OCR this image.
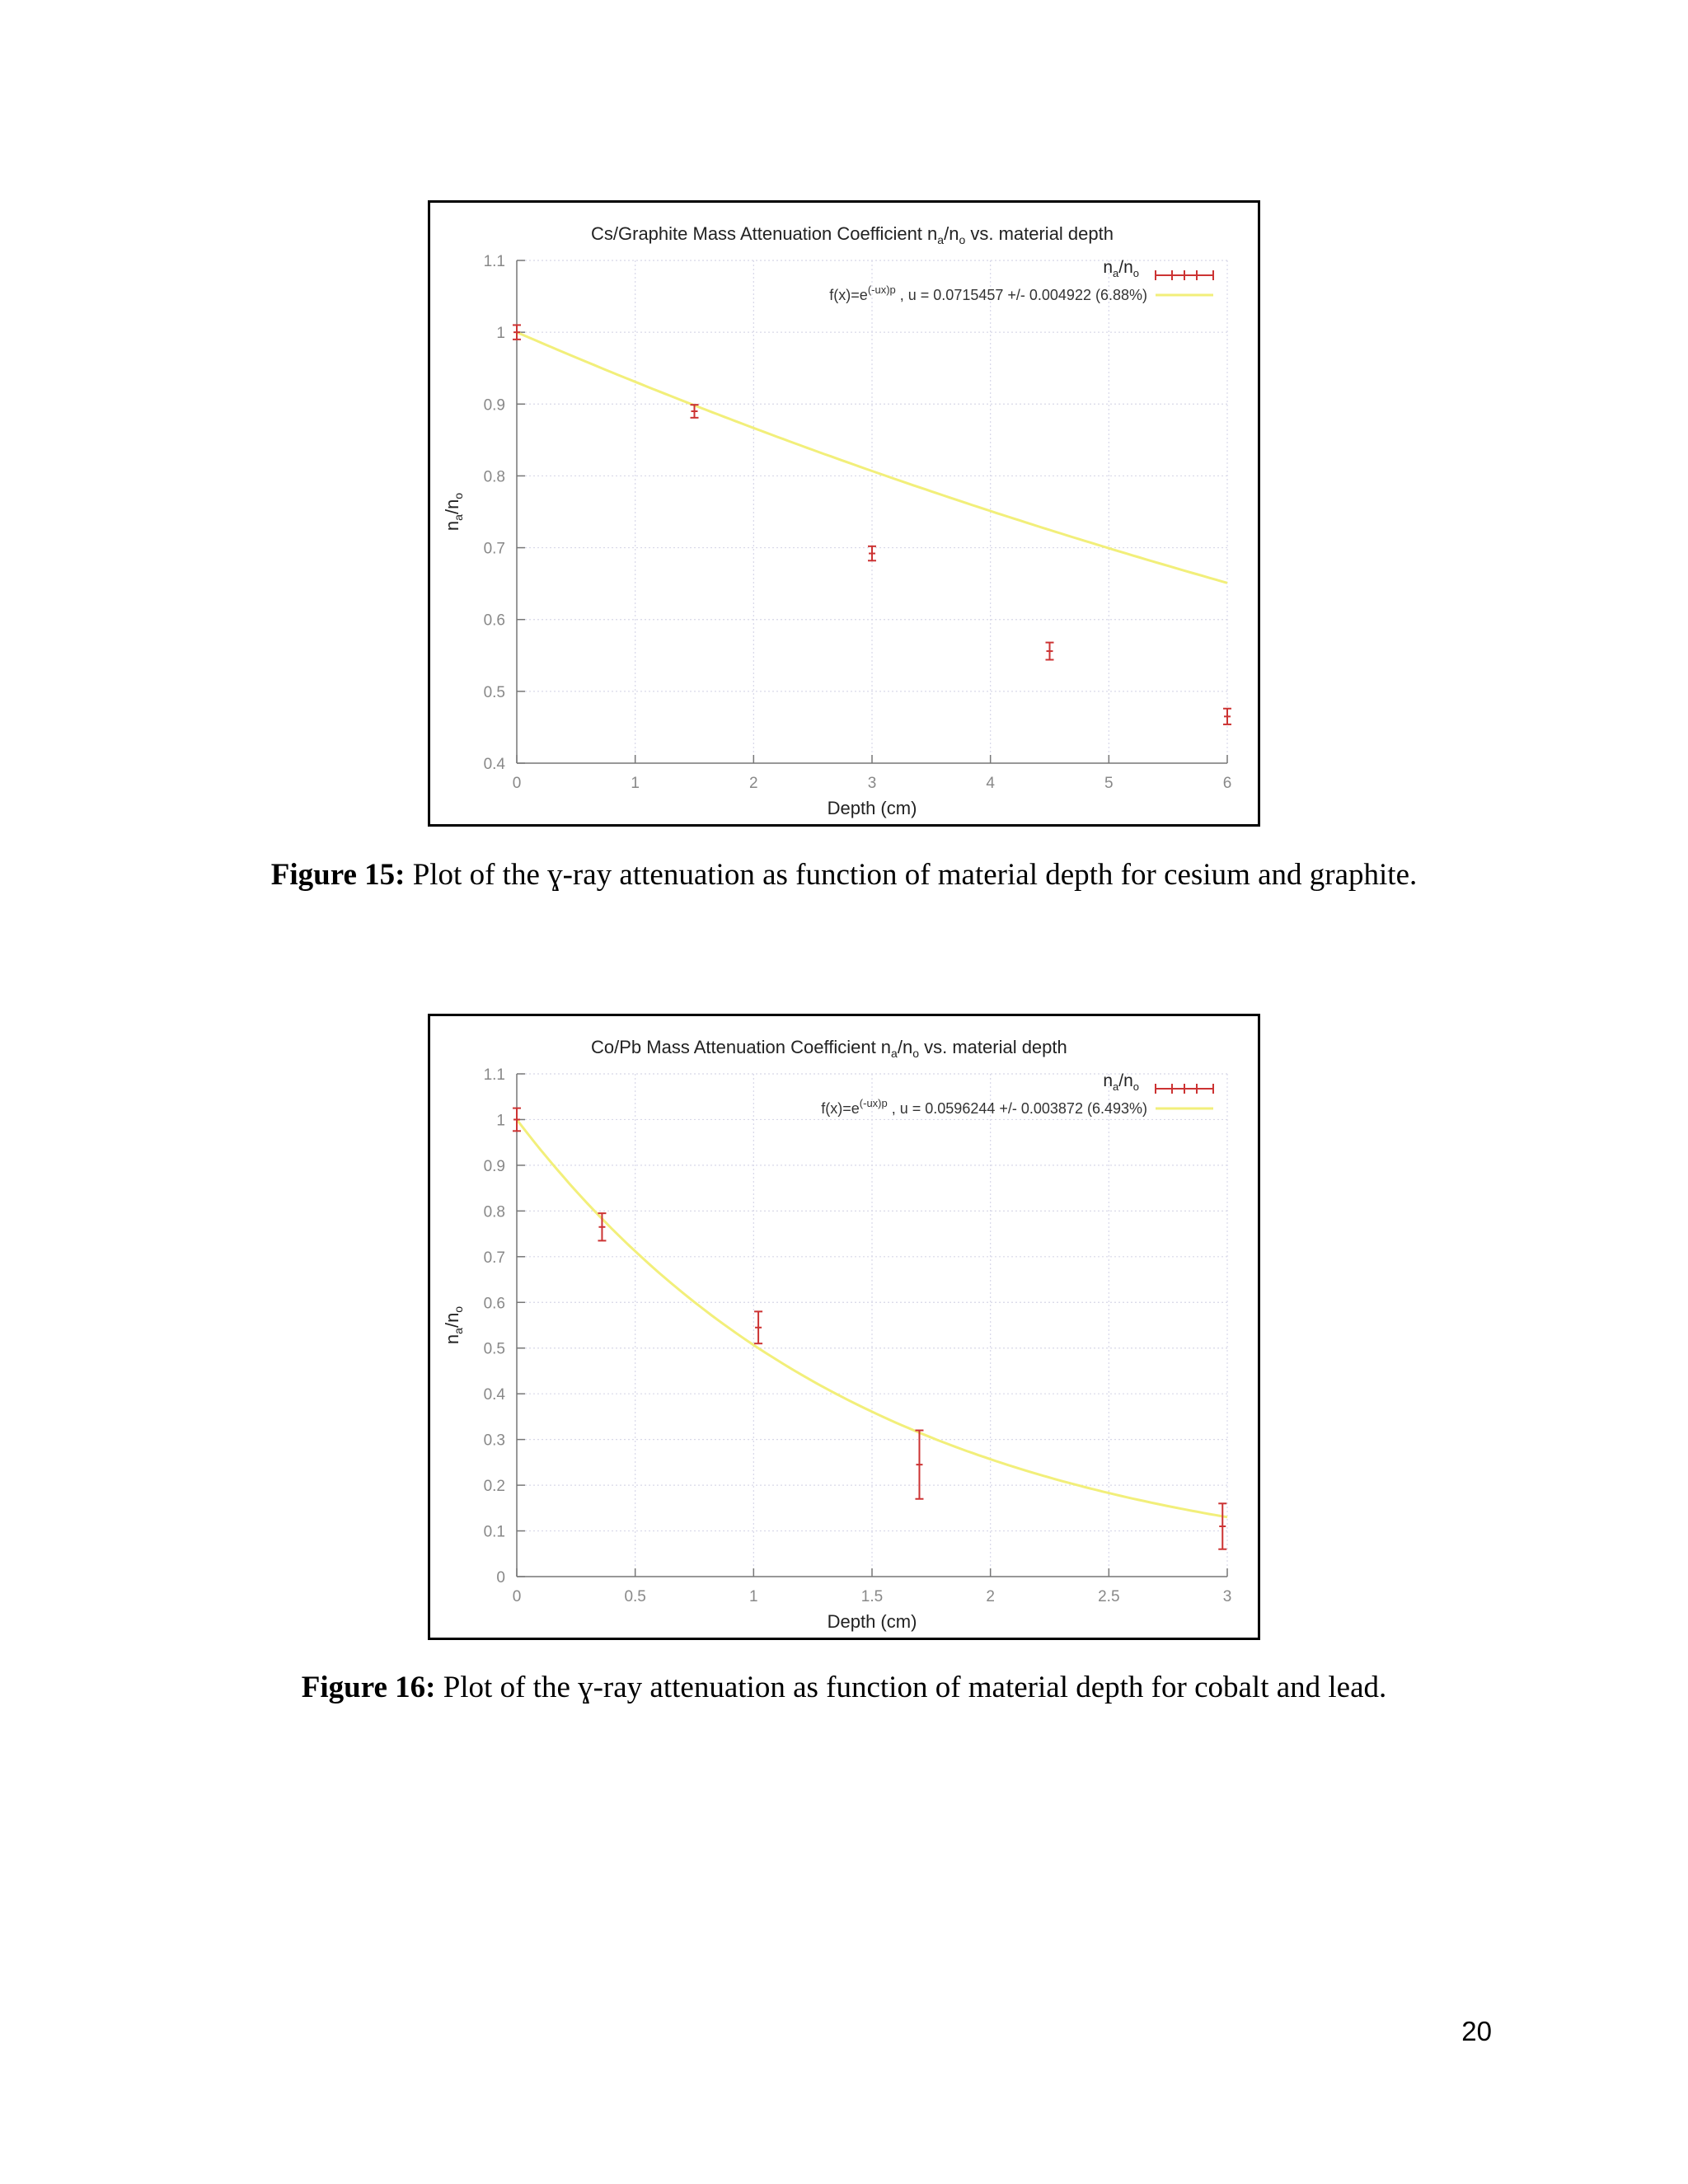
0	1	2	3	4	5	6
0.4
0.5
0.6
0.7
0.8
0.9
1
1.1
Cs/Graphite Mass Attenuation Coefficient $n_a/n_o$ vs. material depth
Depth (cm)
$n_a/n_o$
$n_a/n_o$
$f(x)=e^{(-ux)}p$ , u = 0.0715457 +/- 0.004922 (6.88%)
Figure 15: Plot of the ɣ-ray attenuation as function of material depth for cesium and graphite.
0	0.5	1	1.5	2	2.5	3
0
0.1
0.2
0.3
0.4
0.5
0.6
0.7
0.8
0.9
1
1.1
Co/Pb Mass Attenuation Coefficient $n_a/n_o$ vs. material depth
Depth (cm)
$n_a/n_o$
$n_a/n_o$
$f(x)=e^{(-ux)}p$ , u = 0.0596244 +/- 0.003872 (6.493%)
Figure 16: Plot of the ɣ-ray attenuation as function of material depth for cobalt and lead.
20
